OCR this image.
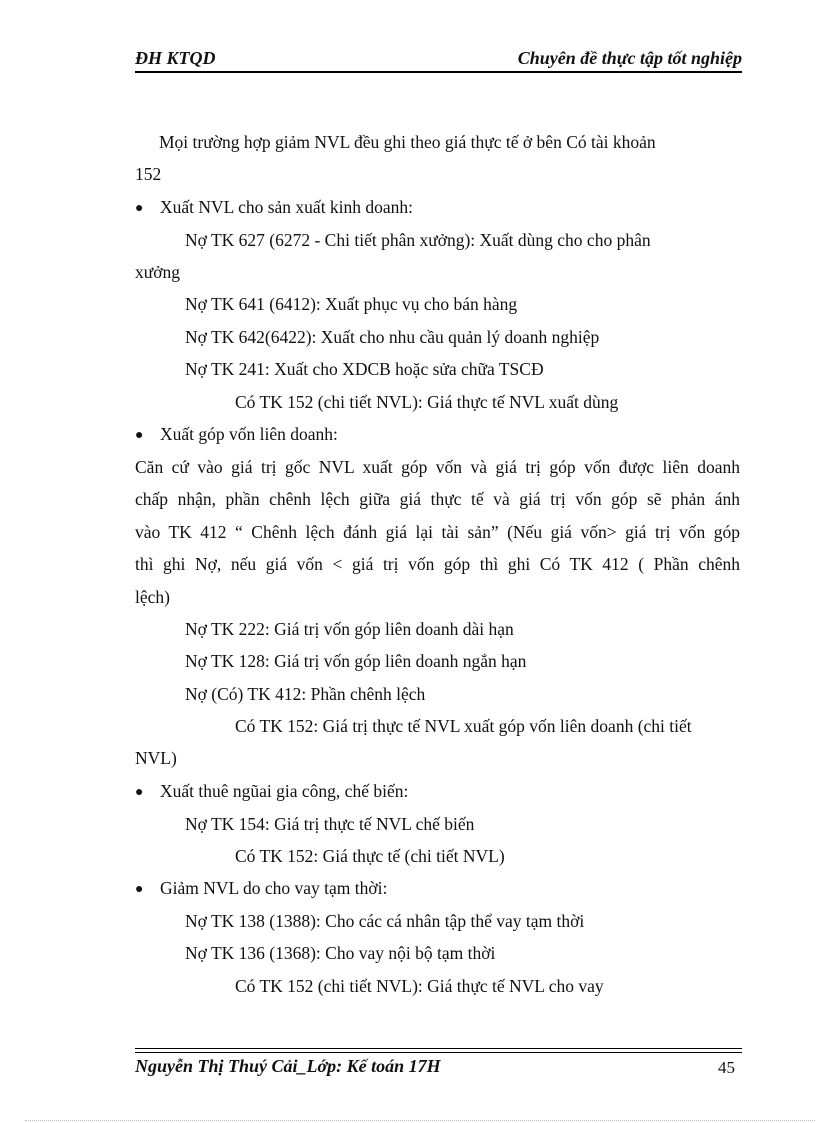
ĐH KTQD	Chuyên đề thực tập tốt nghiệp
Mọi trường hợp giảm NVL đều ghi theo giá thực tế ở bên Có tài khoản
152
● Xuất NVL cho sản xuất kinh doanh:
Nợ TK 627 (6272 - Chi tiết phân xưởng): Xuất dùng cho cho phân
xưởng
Nợ TK 641 (6412): Xuất phục vụ cho bán hàng
Nợ TK 642(6422): Xuất cho nhu cầu quản lý doanh nghiệp
Nợ TK 241: Xuất cho XDCB hoặc sửa chữa TSCĐ
Có TK 152 (chi tiết NVL): Giá thực tế NVL xuất dùng
● Xuất góp vốn liên doanh:
Căn cứ vào giá trị gốc NVL xuất góp vốn và giá trị góp vốn được liên doanh
chấp nhận, phần chênh lệch giữa giá thực tế và giá trị vốn góp sẽ phản ánh
vào TK 412 “ Chênh lệch đánh giá lại tài sản” (Nếu giá vốn> giá trị vốn góp
thì ghi Nợ, nếu giá vốn < giá trị vốn góp thì ghi Có TK 412 ( Phần chênh
lệch)
Nợ TK 222: Giá trị vốn góp liên doanh dài hạn
Nợ TK 128: Giá trị vốn góp liên doanh ngắn hạn
Nợ (Có) TK 412: Phần chênh lệch
Có TK 152: Giá trị thực tế NVL xuất góp vốn liên doanh (chi tiết
NVL)
● Xuất thuê ngũai gia công, chế biến:
Nợ TK 154: Giá trị thực tế NVL chế biến
Có TK 152: Giá thực tế (chi tiết NVL)
● Giảm NVL do cho vay tạm thời:
Nợ TK 138 (1388): Cho các cá nhân tập thể vay tạm thời
Nợ TK 136 (1368): Cho vay nội bộ tạm thời
Có TK 152 (chi tiết NVL): Giá thực tế NVL cho vay
Nguyễn Thị Thuý Cải_Lớp: Kế toán 17H	45
